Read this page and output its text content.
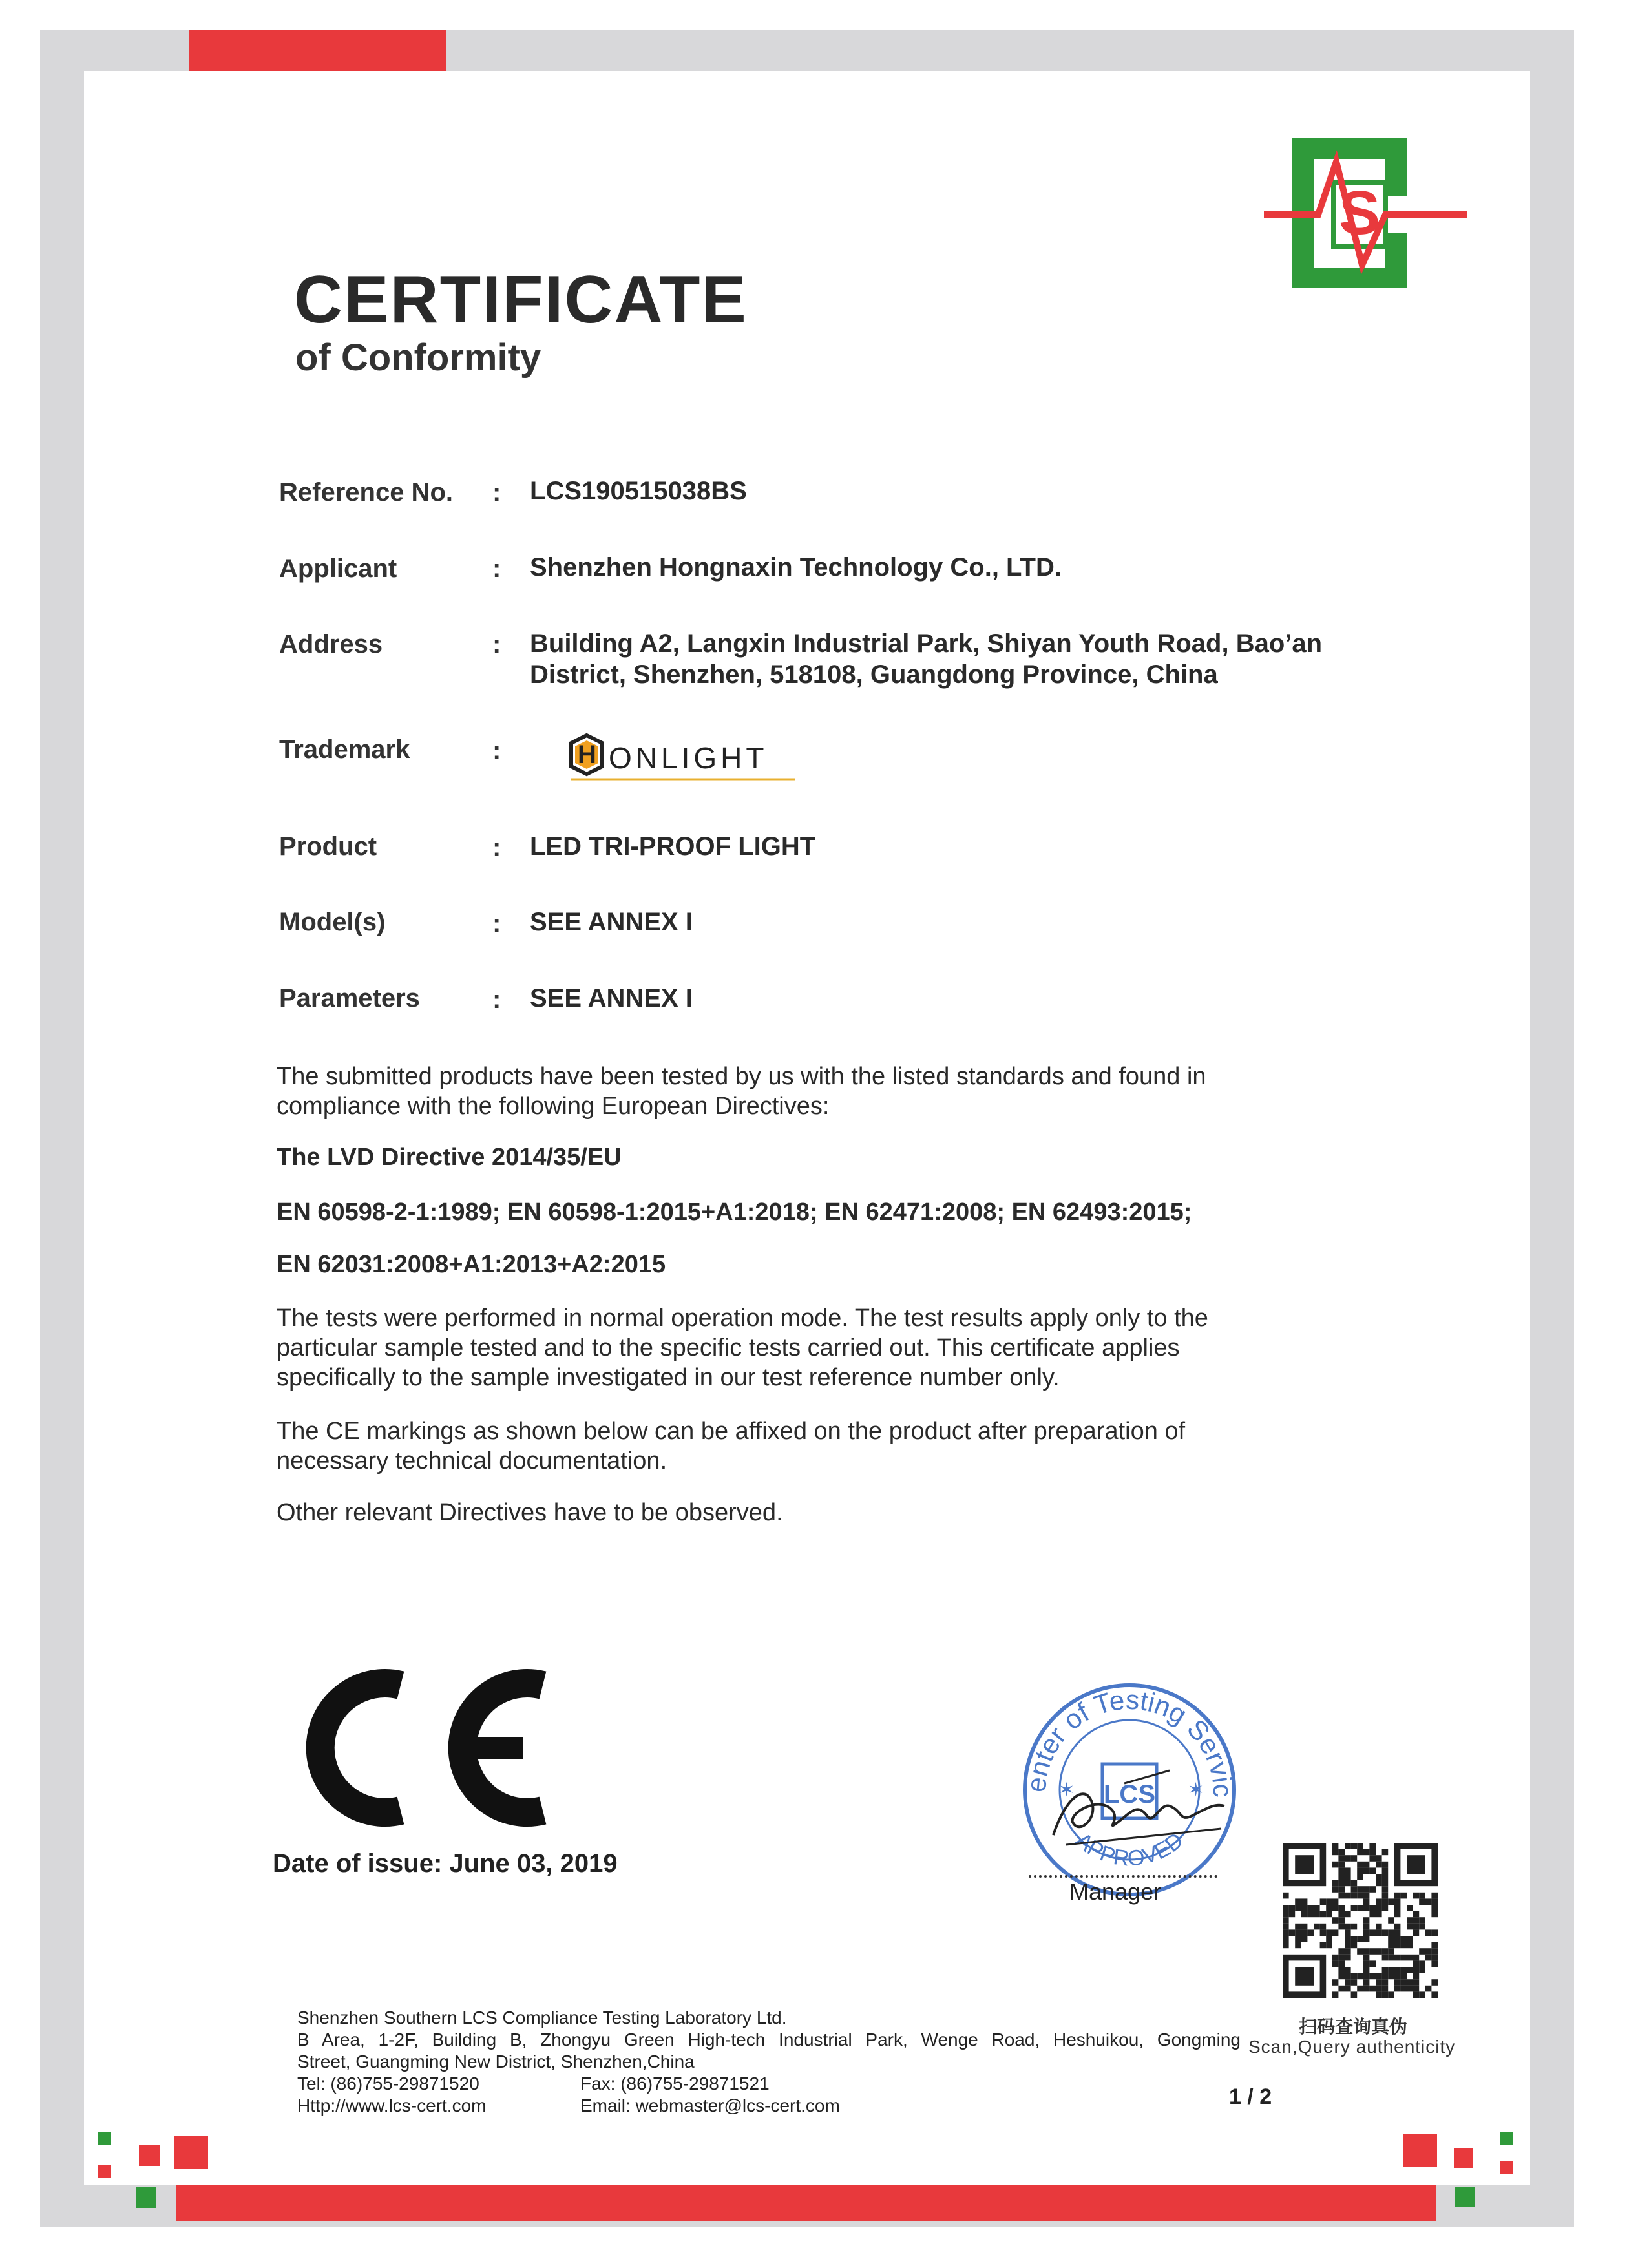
S
CERTIFICATE
of Conformity
Reference No. : LCS190515038BS
Applicant	: Shenzhen Hongnaxin Technology Co., LTD.
Address	: Building A2, Langxin Industrial Park, Shiyan Youth Road, Bao’an
District, Shenzhen, 518108, Guangdong Province, China
Trademark	:	H ONLIGHT
Product	: LED TRI-PROOF LIGHT
Model(s)	: SEE ANNEX I
Parameters	: SEE ANNEX I
The submitted products have been tested by us with the listed standards and found in
compliance with the following European Directives:
The LVD Directive 2014/35/EU
EN 60598-2-1:1989; EN 60598-1:2015+A1:2018; EN 62471:2008; EN 62493:2015;
EN 62031:2008+A1:2013+A2:2015
The tests were performed in normal operation mode. The test results apply only to the
particular sample tested and to the specific tests carried out. This certificate applies
specifically to the sample investigated in our test reference number only.
The CE markings as shown below can be affixed on the product after preparation of
necessary technical documentation.
Other relevant Directives have to be observed.
Date of issue: June 03, 2019
enter of Testing Servic
APPROVED
LCS
✶	✶
Manager
扫码查询真伪
Scan,Query authenticity
Shenzhen Southern LCS Compliance Testing Laboratory Ltd.
B Area, 1-2F, Building B, Zhongyu Green High-tech Industrial Park, Wenge Road, Heshuikou, Gongming
Street, Guangming New District, Shenzhen,China
Tel: (86)755-29871520	Fax: (86)755-29871521
Http://www.lcs-cert.com	Email: webmaster@lcs-cert.com	1 / 2
